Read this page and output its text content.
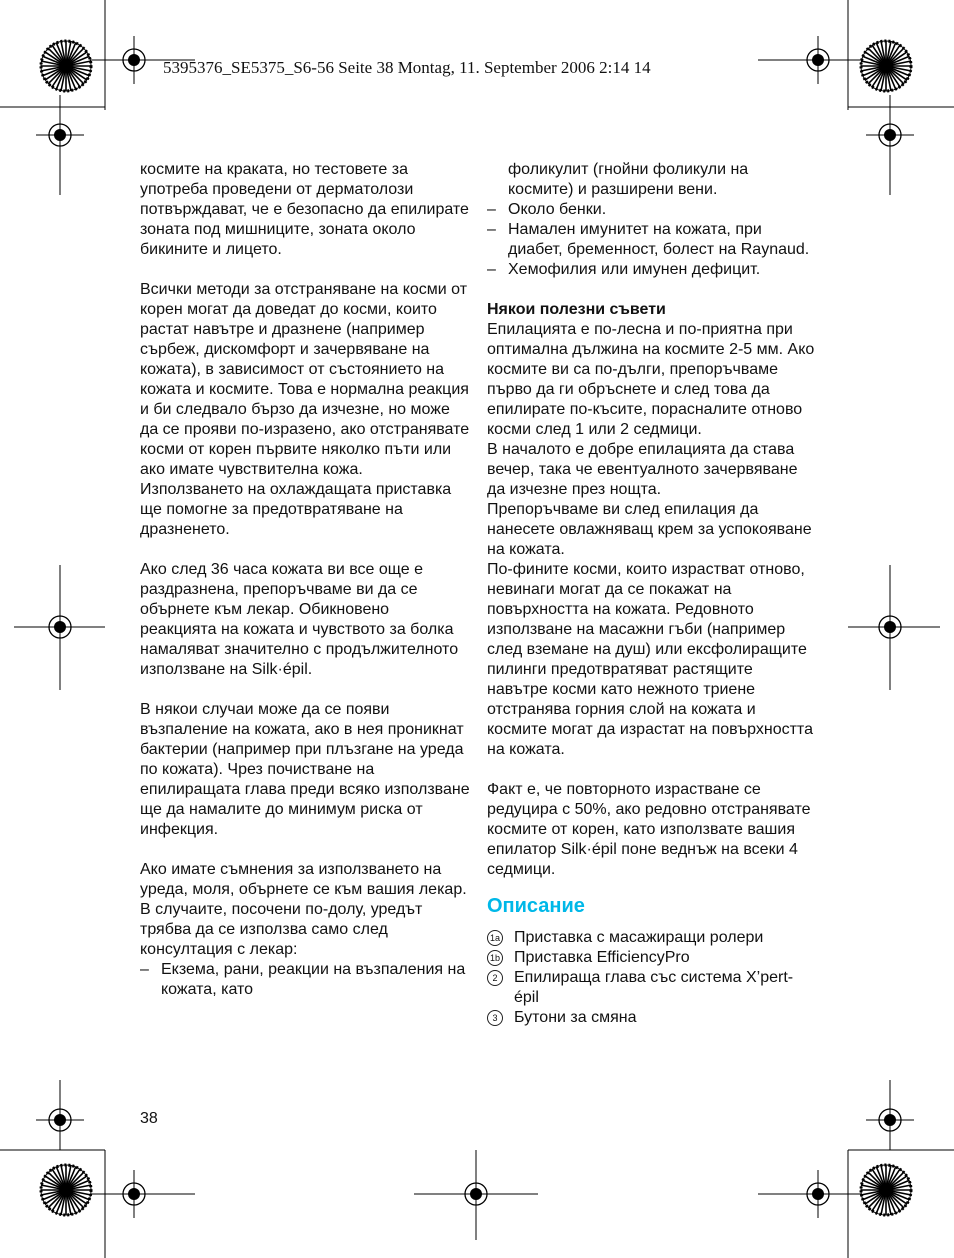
5395376_SE5375_S6-56 Seite 38 Montag, 11. September 2006 2:14 14

космите на краката, но тестовете за употреба проведени от дерматолози потвърждават, че е безопасно да епилирате зоната под мишниците, зоната около бикините и лицето.

Всички методи за отстраняване на косми от корен могат да доведат до косми, които растат навътре и дразнене (например сърбеж, дискомфорт и зачервяване на кожата), в зависимост от състоянието на кожата и космите. Това е нормална реакция и би следвало бързо да изчезне, но може да се прояви по-изразено, ако отстранявате косми от корен първите няколко пъти или ако имате чувствителна кожа.

Използването на охлаждащата приставка ще помогне за предотвратяване на дразненето.

Ако след 36 часа кожата ви все още е раздразнена, препоръчваме ви да се обърнете към лекар. Обикновено реакцията на кожата и чувството за болка намаляват значително с продължителното използване на Silk·épil.

В някои случаи може да се появи възпаление на кожата, ако в нея проникнат бактерии (например при плъзгане на уреда по кожата). Чрез почистване на епилиращата глава преди всяко използване ще да намалите до минимум риска от инфекция.

Ако имате съмнения за използването на уреда, моля, обърнете се към вашия лекар.

В случаите, посочени по-долу, уредът трябва да се използва само след консултация с лекар:

– Екзема, рани, реакции на възпаления на кожата, като

фоликулит (гнойни фоликули на космите) и разширени вени.

– Около бенки.
– Намален имунитет на кожата, при диабет, бременност, болест на Raynaud.
– Хемофилия или имунен дефицит.

Някои полезни съвети

Епилацията е по-лесна и по-приятна при оптимална дължина на космите 2-5 мм. Ако космите ви са по-дълги, препоръчваме първо да ги обръснете и след това да епилирате по-късите, порасналите отново косми след 1 или 2 седмици.

В началото е добре епилацията да става вечер, така че евентуалното зачервяване да изчезне през нощта.

Препоръчваме ви след епилация да нанесете овлажняващ крем за успокояване на кожата.

По-фините косми, които израстват отново, невинаги могат да се покажат на повърхността на кожата. Редовното използване на масажни гъби (например след вземане на душ) или ексфолиращите пилинги предотвратяват растящите навътре косми като нежното триене отстранява горния слой на кожата и космите могат да израстат на повърхността на кожата.

Факт е, че повторното израстване се редуцира с 50%, ако редовно отстранявате космите от корен, като използвате вашия епилатор Silk·épil поне веднъж на всеки 4 седмици.

Описание
1a Приставка с масажиращи ролери
1b Приставка EfficiencyPro
2	Епилираща глава със система X’pert-épil
3	Бутони за смяна
38
